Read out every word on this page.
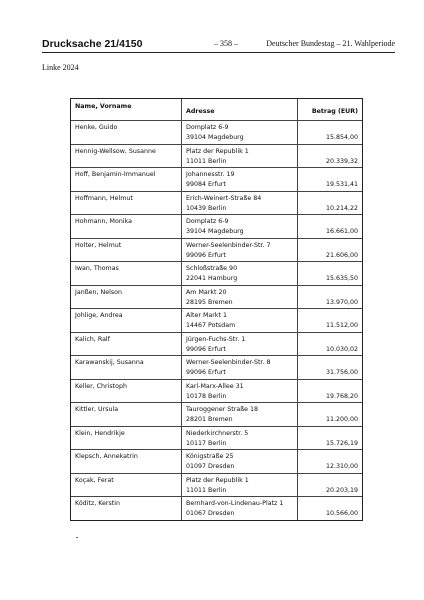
Drucksache 21/4150	– 358 –	Deutscher Bundestag – 21. Wahlperiode
Linke 2024
Name, Vorname
Adresse	Betrag (EUR)
Henke, Guido	Domplatz 6-9
39104 Magdeburg	15.854,00
Hennig-Wellsow, Susanne	Platz der Republik 1
11011 Berlin	20.339,32
Hoff, Benjamin-Immanuel	Johannesstr. 19
99084 Erfurt	19.531,41
Hoffmann, Helmut	Erich-Weinert-Straße 84
10439 Berlin	10.214,22
Hohmann, Monika	Domplatz 6-9
39104 Magdeburg	16.661,00
Holter, Helmut	Werner-Seelenbinder-Str. 7
99096 Erfurt	21.606,00
Iwan, Thomas	Schloßstraße 90
22041 Hamburg	15.635,50
Janßen, Nelson	Am Markt 20
28195 Bremen	13.970,00
Johlige, Andrea	Alter Markt 1
14467 Potsdam	11.512,00
Kalich, Ralf	Jürgen-Fuchs-Str. 1
99096 Erfurt	10.030,02
Karawanskij, Susanna	Werner-Seelenbinder-Str. 8
99096 Erfurt	31.756,00
Keller, Christoph	Karl-Marx-Allee 31
10178 Berlin	19.768,20
Kittler, Ursula	Tauroggener Straße 18
28201 Bremen	11.200,00
Klein, Hendrikje	Niederkirchnerstr. 5
10117 Berlin	15.726,19
Klepsch, Annekatrin	Königstraße 25
01097 Dresden	12.310,00
Koçak, Ferat	Platz der Republik 1
11011 Berlin	20.203,19
Köditz, Kerstin	Bernhard-von-Lindenau-Platz 1
01067 Dresden	10.566,00
